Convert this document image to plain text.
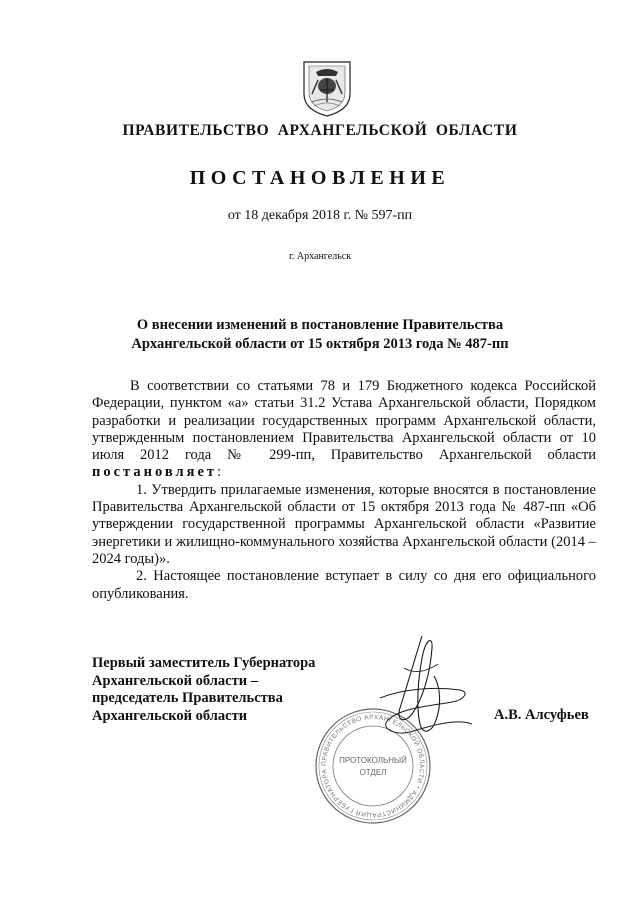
ПРАВИТЕЛЬСТВО АРХАНГЕЛЬСКОЙ ОБЛАСТИ
ПОСТАНОВЛЕНИЕ
от 18 декабря 2018 г. № 597-пп
г. Архангельск
О внесении изменений в постановление Правительства
Архангельской области от 15 октября 2013 года № 487-пп

В соответствии со статьями 78 и 179 Бюджетного кодекса Российской Федерации, пунктом «а» статьи 31.2 Устава Архангельской области, Порядком разработки и реализации государственных программ Архангельской области, утвержденным постановлением Правительства Архангельской области от 10 июля 2012 года № 299-пп, Правительство Архангельской области постановляет:

1. Утвердить прилагаемые изменения, которые вносятся в постановление Правительства Архангельской области от 15 октября 2013 года № 487-пп «Об утверждении государственной программы Архангельской области «Развитие энергетики и жилищно-коммунального хозяйства Архангельской области (2014 – 2024 годы)».

2. Настоящее постановление вступает в силу со дня его официального опубликования.

Первый заместитель Губернатора
Архангельской области –
председатель Правительства
Архангельской области	А.В. Алсуфьев
ПРАВИТЕЛЬСТВО АРХАНГЕЛЬСКОЙ ОБЛАСТИ * АДМИНИСТРАЦИЯ ГУБЕРНАТОРА
ПРОТОКОЛЬНЫЙ
ОТДЕЛ
